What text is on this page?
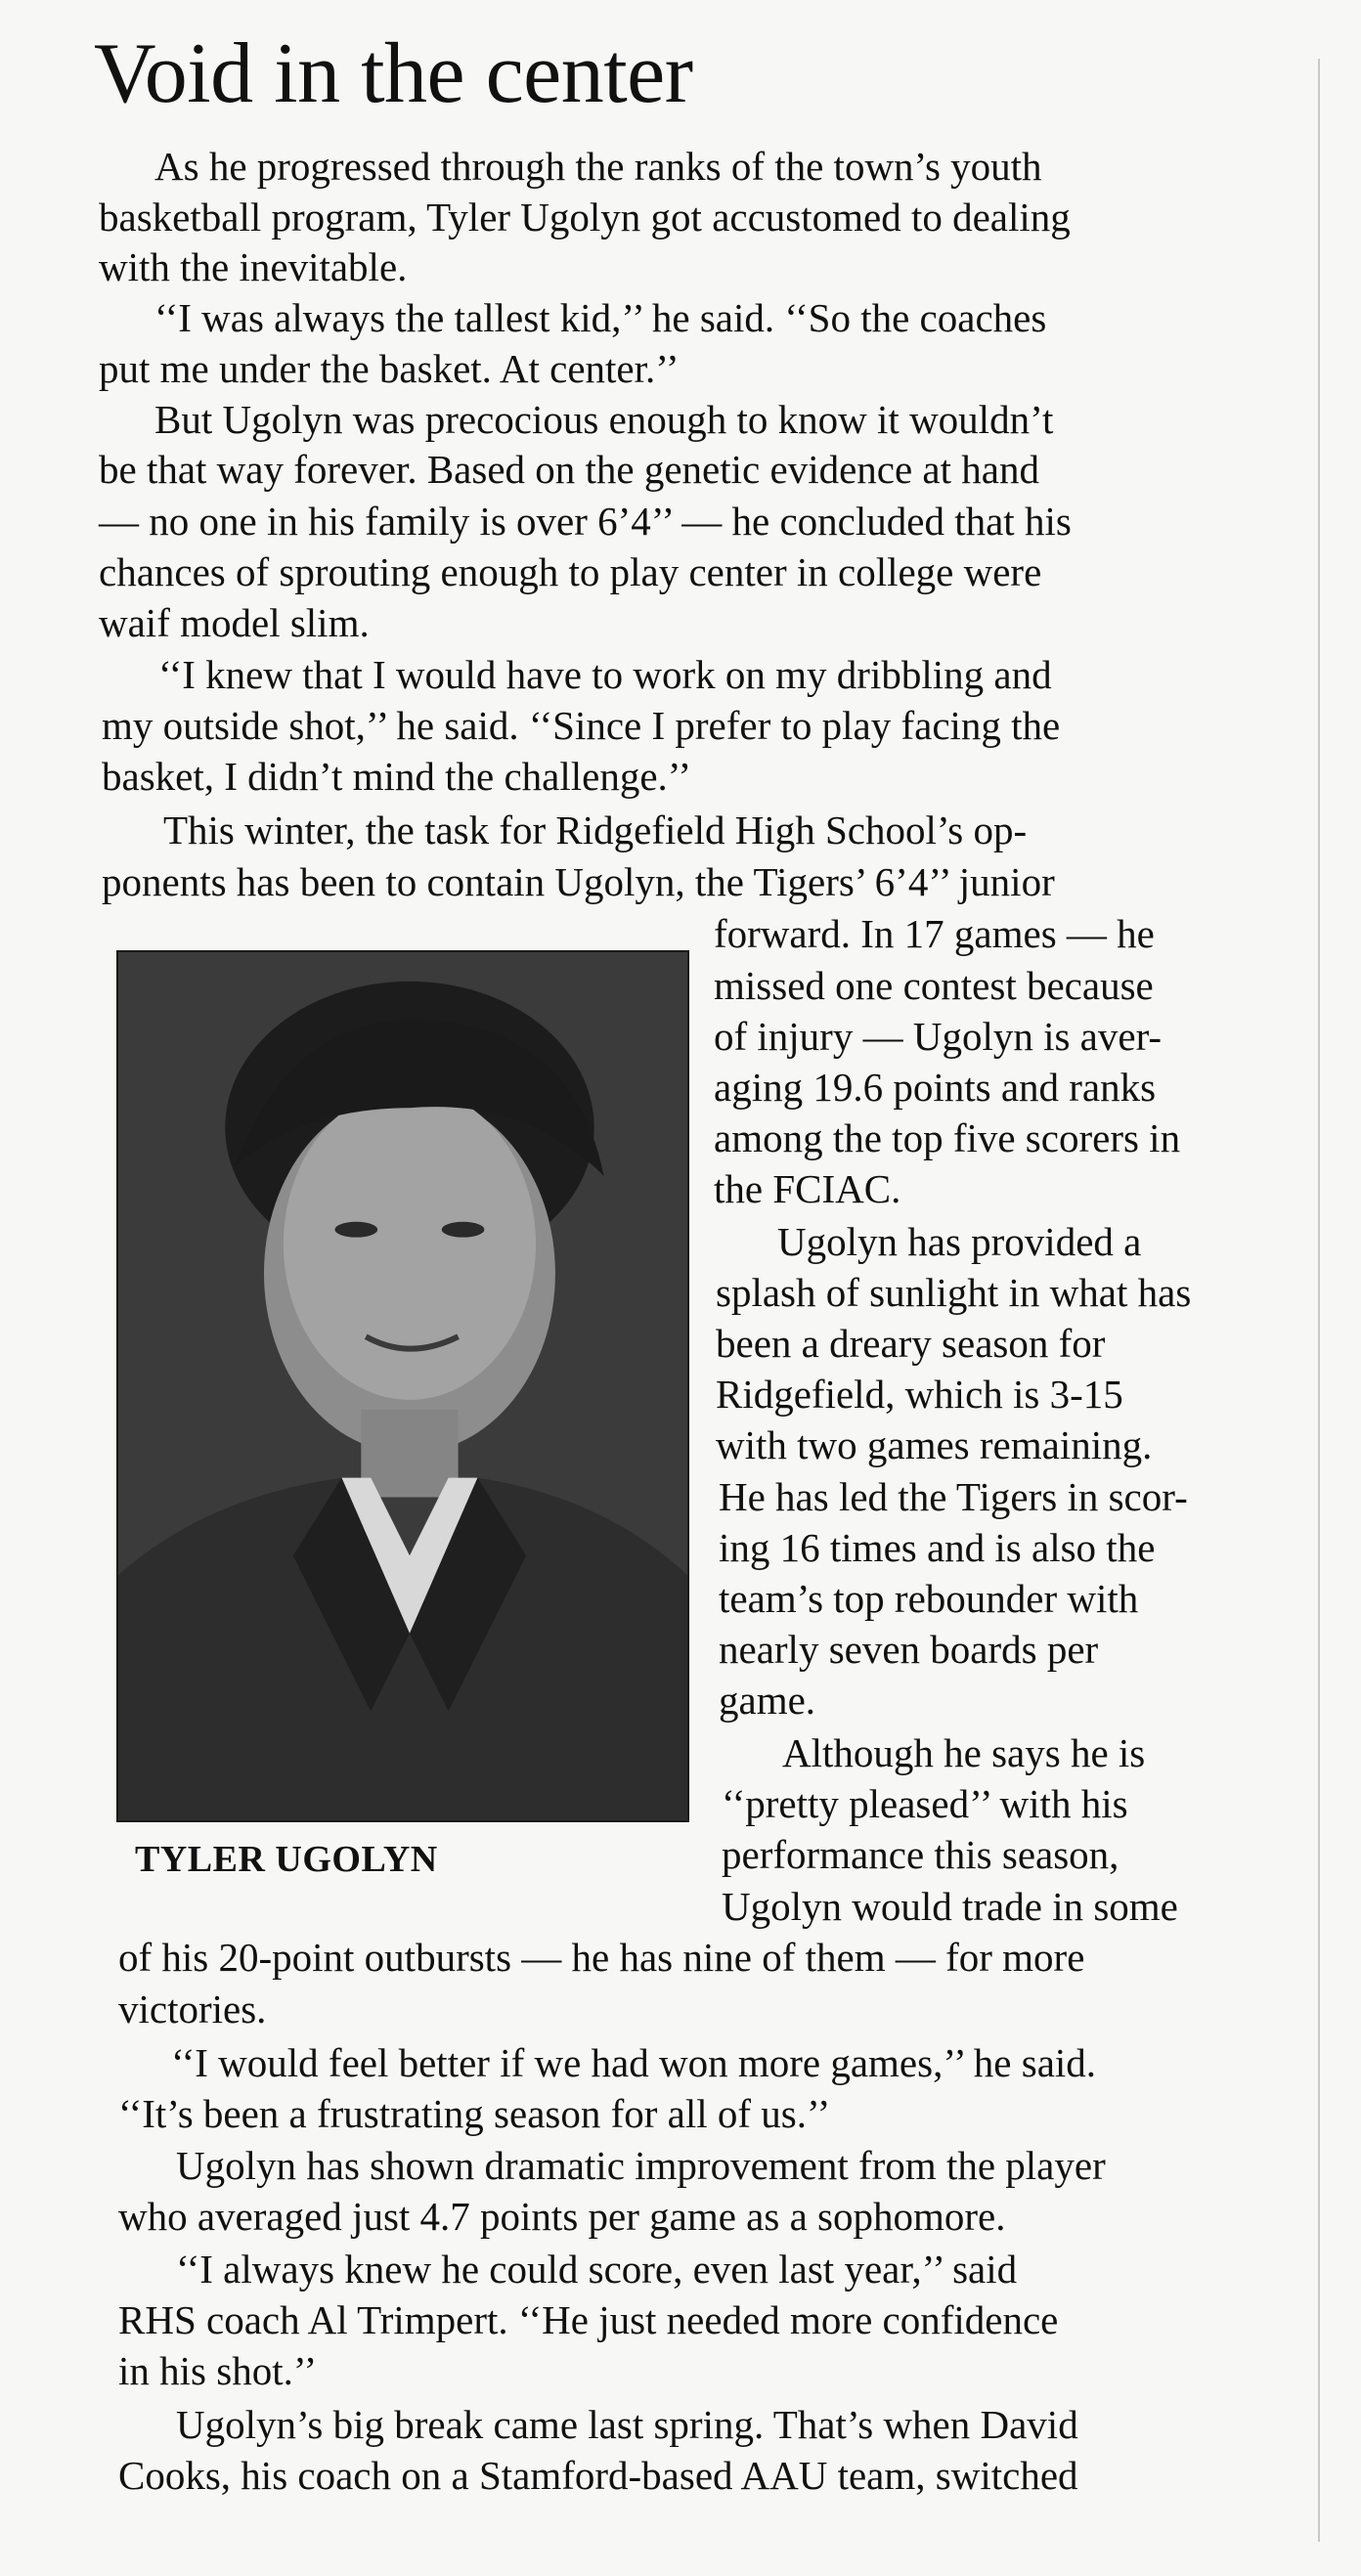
Void in the center

As he progressed through the ranks of the town’s youth

basketball program, Tyler Ugolyn got accustomed to dealing

with the inevitable.

‘‘I was always the tallest kid,’’ he said. ‘‘So the coaches

put me under the basket. At center.’’

But Ugolyn was precocious enough to know it wouldn’t

be that way forever. Based on the genetic evidence at hand

— no one in his family is over 6’4’’ — he concluded that his

chances of sprouting enough to play center in college were

waif model slim.

‘‘I knew that I would have to work on my dribbling and

my outside shot,’’ he said. ‘‘Since I prefer to play facing the

basket, I didn’t mind the challenge.’’

This winter, the task for Ridgefield High School’s op-

ponents has been to contain Ugolyn, the Tigers’ 6’4’’ junior

TYLER UGOLYN

forward. In 17 games — he

missed one contest because

of injury — Ugolyn is aver-

aging 19.6 points and ranks

among the top five scorers in

the FCIAC.

Ugolyn has provided a

splash of sunlight in what has

been a dreary season for

Ridgefield, which is 3-15

with two games remaining.

He has led the Tigers in scor-

ing 16 times and is also the

team’s top rebounder with

nearly seven boards per

game.

Although he says he is

‘‘pretty pleased’’ with his

performance this season,

Ugolyn would trade in some

of his 20-point outbursts — he has nine of them — for more

victories.

‘‘I would feel better if we had won more games,’’ he said.

‘‘It’s been a frustrating season for all of us.’’

Ugolyn has shown dramatic improvement from the player

who averaged just 4.7 points per game as a sophomore.

‘‘I always knew he could score, even last year,’’ said

RHS coach Al Trimpert. ‘‘He just needed more confidence

in his shot.’’

Ugolyn’s big break came last spring. That’s when David

Cooks, his coach on a Stamford-based AAU team, switched
